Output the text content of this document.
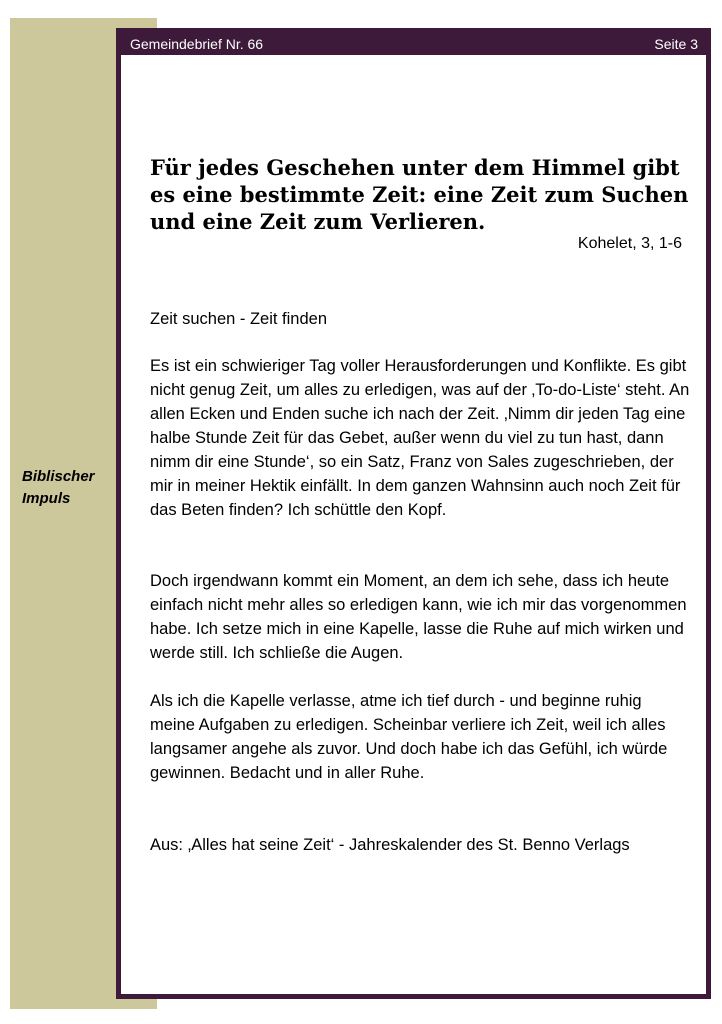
Biblischer
Impuls
Gemeindebrief Nr. 66	Seite 3
Für jedes Geschehen unter dem Himmel gibt es eine bestimmte Zeit: eine Zeit zum Suchen und eine Zeit zum Verlieren.
Kohelet, 3, 1-6

Zeit suchen - Zeit finden

Es ist ein schwieriger Tag voller Herausforderungen und Konflikte. Es gibt nicht genug Zeit, um alles zu erledigen, was auf der ‚To-do-Liste‘ steht. An allen Ecken und Enden suche ich nach der Zeit. ‚Nimm dir jeden Tag eine halbe Stunde Zeit für das Gebet, außer wenn du viel zu tun hast, dann nimm dir eine Stunde‘, so ein Satz, Franz von Sales zugeschrieben, der mir in meiner Hektik einfällt. In dem ganzen Wahnsinn auch noch Zeit für das Beten finden? Ich schüttle den Kopf.

Doch irgendwann kommt ein Moment, an dem ich sehe, dass ich heute einfach nicht mehr alles so erledigen kann, wie ich mir das vorgenommen habe. Ich setze mich in eine Kapelle, lasse die Ruhe auf mich wirken und werde still. Ich schließe die Augen.

Als ich die Kapelle verlasse, atme ich tief durch - und beginne ruhig meine Aufgaben zu erledigen. Scheinbar verliere ich Zeit, weil ich alles langsamer angehe als zuvor. Und doch habe ich das Gefühl, ich würde gewinnen. Bedacht und in aller Ruhe.

Aus: ‚Alles hat seine Zeit‘ - Jahreskalender des St. Benno Verlags
